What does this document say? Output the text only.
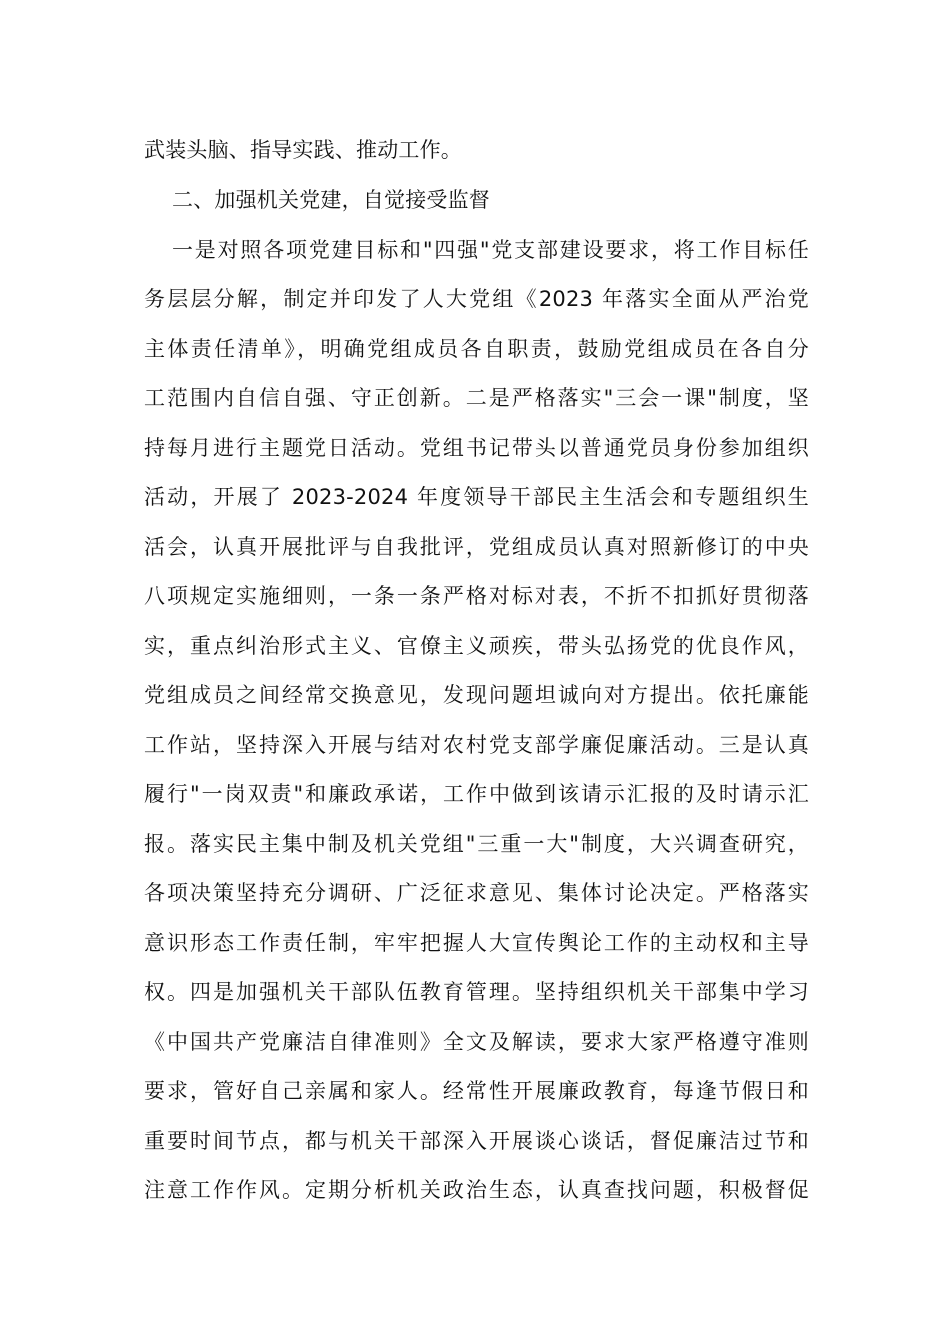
武装头脑、指导实践、推动工作。
二、加强机关党建，自觉接受监督
一是对照各项党建目标和"四强"党支部建设要求，将工作目标任
务层层分解，制定并印发了人大党组《2023 年落实全面从严治党
主体责任清单》，明确党组成员各自职责，鼓励党组成员在各自分
工范围内自信自强、守正创新。二是严格落实"三会一课"制度，坚
持每月进行主题党日活动。党组书记带头以普通党员身份参加组织
活动，开展了 2023-2024 年度领导干部民主生活会和专题组织生
活会，认真开展批评与自我批评，党组成员认真对照新修订的中央
八项规定实施细则，一条一条严格对标对表，不折不扣抓好贯彻落
实，重点纠治形式主义、官僚主义顽疾，带头弘扬党的优良作风，
党组成员之间经常交换意见，发现问题坦诚向对方提出。依托廉能
工作站，坚持深入开展与结对农村党支部学廉促廉活动。三是认真
履行"一岗双责"和廉政承诺，工作中做到该请示汇报的及时请示汇
报。落实民主集中制及机关党组"三重一大"制度，大兴调查研究，
各项决策坚持充分调研、广泛征求意见、集体讨论决定。严格落实
意识形态工作责任制，牢牢把握人大宣传舆论工作的主动权和主导
权。四是加强机关干部队伍教育管理。坚持组织机关干部集中学习
《中国共产党廉洁自律准则》全文及解读，要求大家严格遵守准则
要求，管好自己亲属和家人。经常性开展廉政教育，每逢节假日和
重要时间节点，都与机关干部深入开展谈心谈话，督促廉洁过节和
注意工作作风。定期分析机关政治生态，认真查找问题，积极督促
